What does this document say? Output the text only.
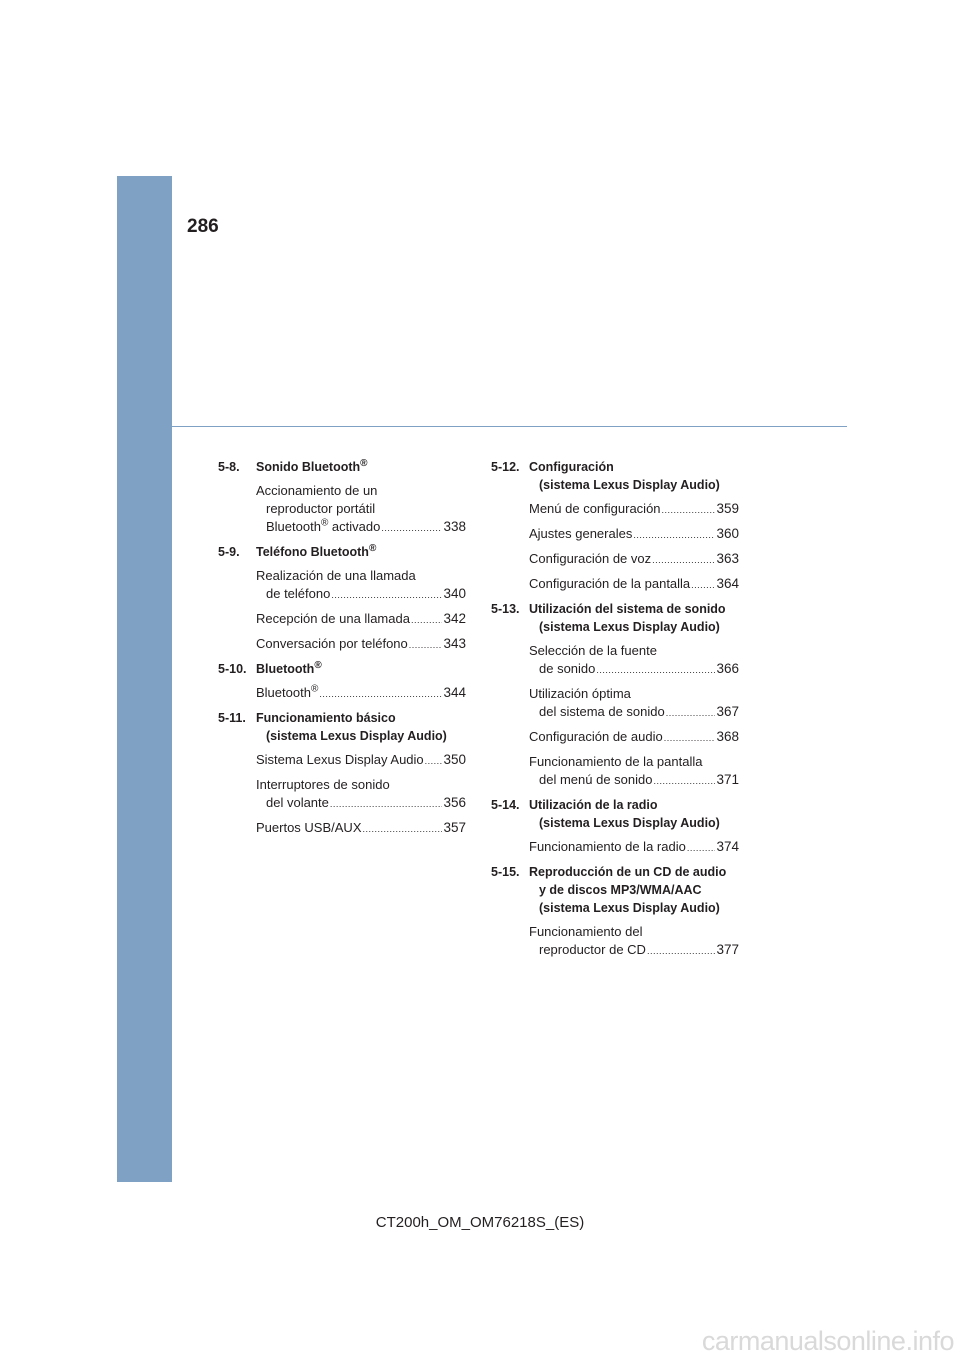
286
5-8. Sonido Bluetooth®
Accionamiento de un
reproductor portátil
Bluetooth® activado .....	338
5-9. Teléfono Bluetooth®
Realización de una llamada
de teléfono .....	340
Recepción de una llamada ..... 342
Conversación por teléfono .....	343
5-10. Bluetooth®
Bluetooth® .....	344
5-11. Funcionamiento básico
(sistema Lexus Display Audio)
Sistema Lexus Display Audio ..... 350
Interruptores de sonido
del volante .....	356
Puertos USB/AUX .....	357
5-12. Configuración
(sistema Lexus Display Audio)
Menú de configuración .....	359
Ajustes generales .....	360
Configuración de voz .....	363
Configuración de la pantalla ..... 364
5-13. Utilización del sistema de sonido
(sistema Lexus Display Audio)
Selección de la fuente
de sonido .....	366
Utilización óptima
del sistema de sonido .....	367
Configuración de audio .....	368
Funcionamiento de la pantalla
del menú de sonido .....	371
5-14. Utilización de la radio
(sistema Lexus Display Audio)
Funcionamiento de la radio ..... 374
5-15. Reproducción de un CD de audio
y de discos MP3/WMA/AAC
(sistema Lexus Display Audio)
Funcionamiento del
reproductor de CD .....	377
CT200h_OM_OM76218S_(ES)
carmanualsonline.info
